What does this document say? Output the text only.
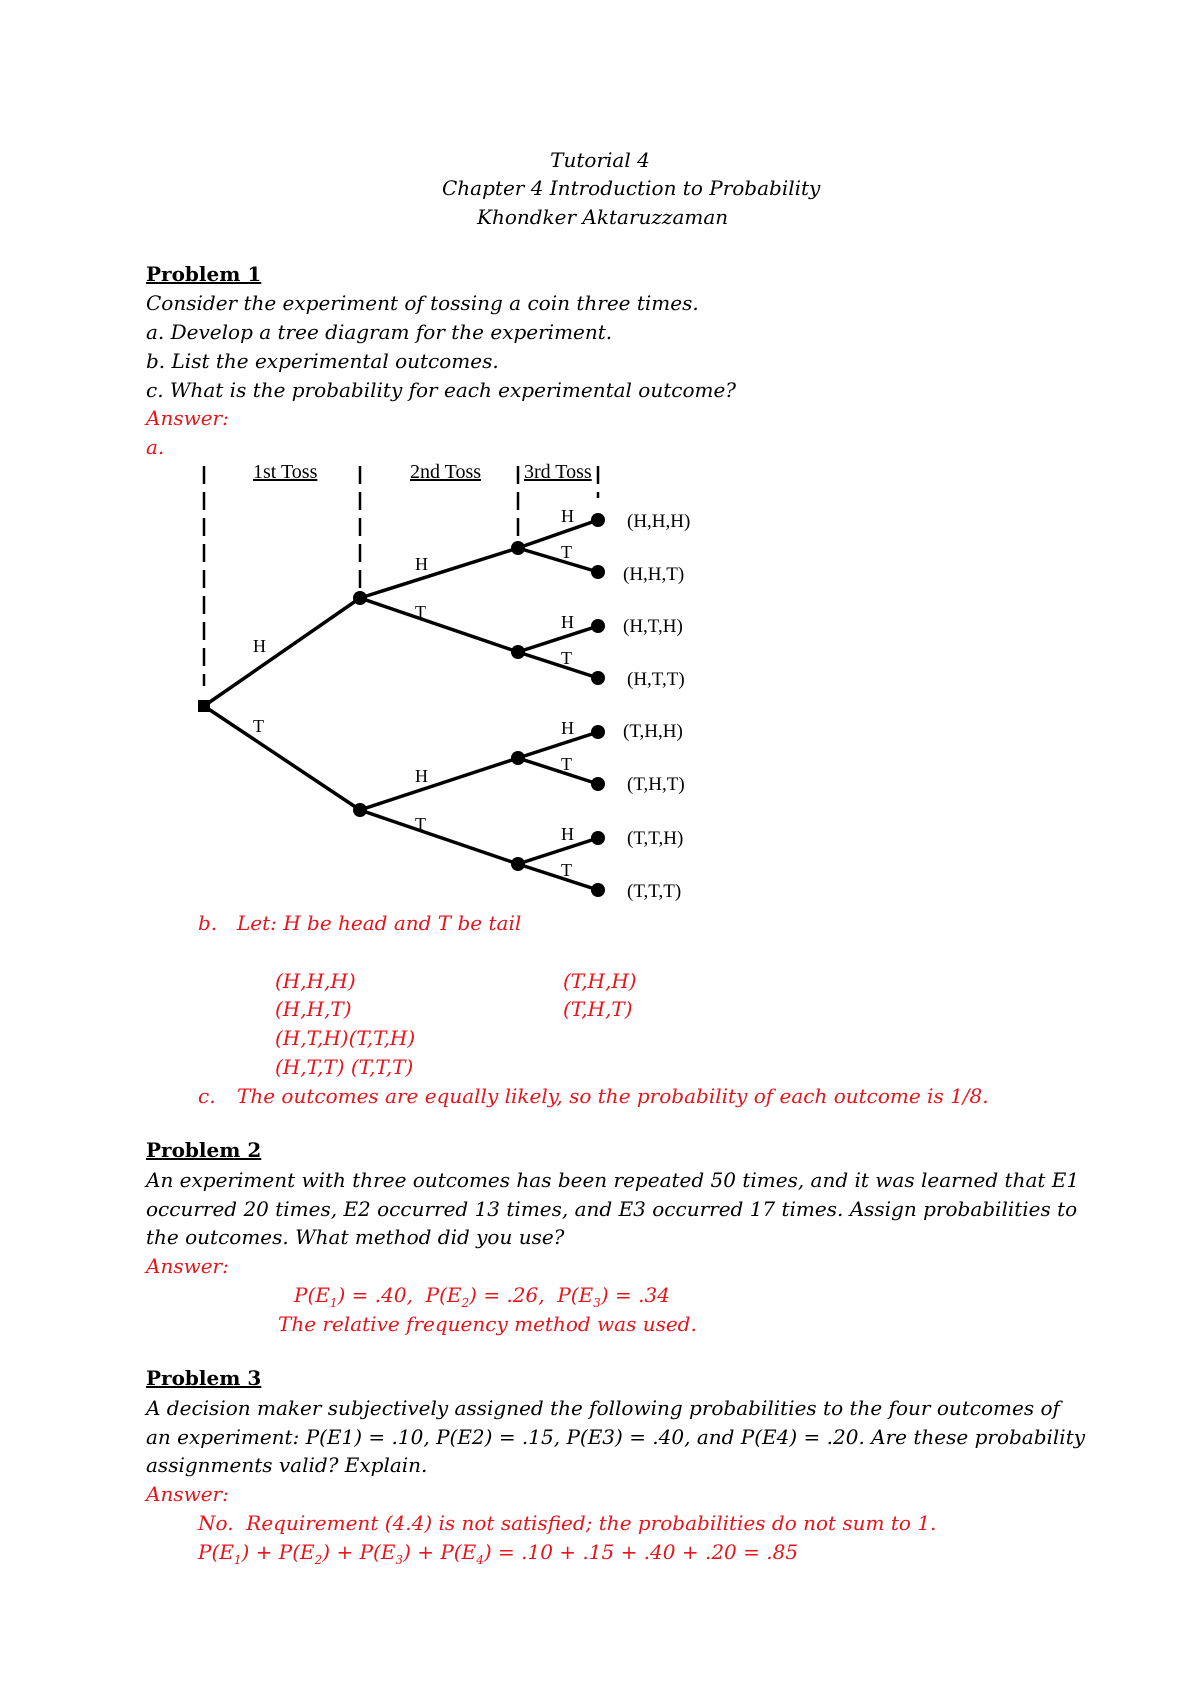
Tutorial 4
Chapter 4 Introduction to Probability
Khondker Aktaruzzaman
Problem 1
Consider the experiment of tossing a coin three times.
a. Develop a tree diagram for the experiment.
b. List the experimental outcomes.
c. What is the probability for each experimental outcome?
Answer:
a.
1st Toss	2nd Toss 3rd Toss
H
T
H
T
H
T
H
T
H
T
H
T
H
T
(H,H,H)
(H,H,T)
(H,T,H)
(H,T,T)
(T,H,H)
(T,H,T)
(T,T,H)
(T,T,T)
b. Let: H be head and T be tail
(H,H,H)
(H,H,T)
(H,T,H)(T,T,H)
(H,T,T) (T,T,T)
(T,H,H)
(T,H,T)
c. The outcomes are equally likely, so the probability of each outcome is 1/8.
Problem 2
An experiment with three outcomes has been repeated 50 times, and it was learned that E1
occurred 20 times, E2 occurred 13 times, and E3 occurred 17 times. Assign probabilities to
the outcomes. What method did you use?
Answer:
$P(E_1) = .40$,  $P(E_2) = .26$,  $P(E_3) = .34$
The relative frequency method was used.
Problem 3
A decision maker subjectively assigned the following probabilities to the four outcomes of
an experiment: P(E1) = .10, P(E2) = .15, P(E3) = .40, and P(E4) = .20. Are these probability
assignments valid? Explain.
Answer:
No.  Requirement (4.4) is not satisfied; the probabilities do not sum to 1.
$P(E_1) + P(E_2) + P(E_3) + P(E_4) = .10 + .15 + .40 + .20 = .85$
